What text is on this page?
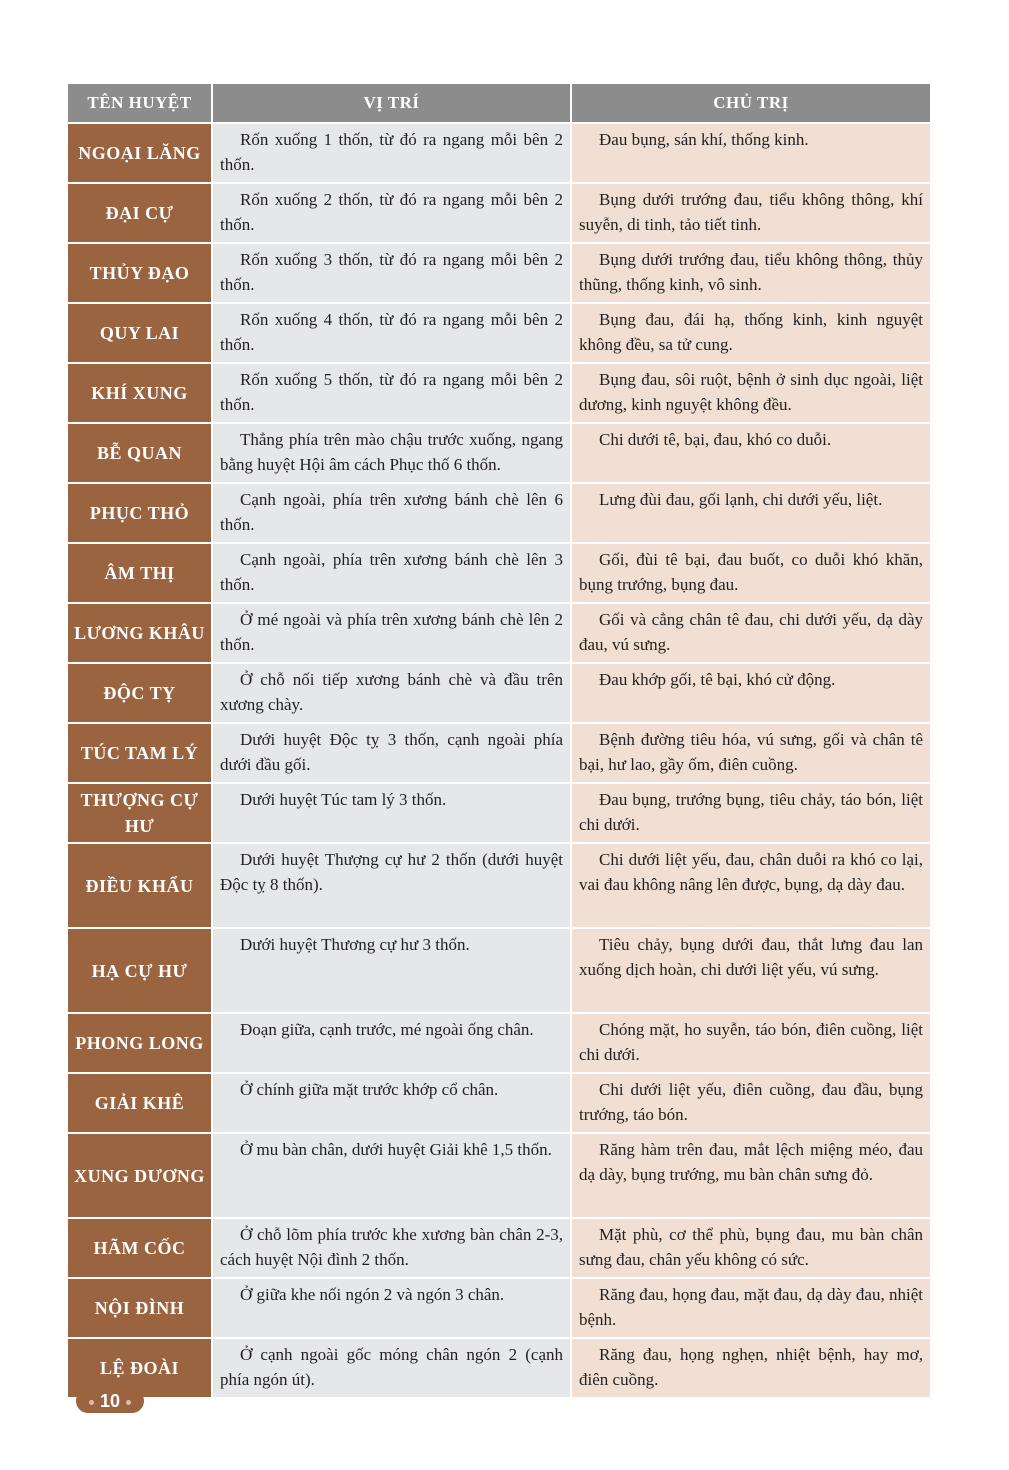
TÊN HUYỆT	VỊ TRÍ	CHỦ TRỊ
NGOẠI LĂNG	Rốn xuống 1 thốn, từ đó ra ngang mỗi bên 2 thốn.	Đau bụng, sán khí, thống kinh.

ĐẠI CỰ	Rốn xuống 2 thốn, từ đó ra ngang mỗi bên 2 thốn.	Bụng dưới trướng đau, tiểu không thông, khí suyễn, di tinh, tảo tiết tinh.

THỦY ĐẠO	Rốn xuống 3 thốn, từ đó ra ngang mỗi bên 2 thốn.	Bụng dưới trướng đau, tiểu không thông, thủy thũng, thống kinh, vô sinh.

QUY LAI	Rốn xuống 4 thốn, từ đó ra ngang mỗi bên 2 thốn.	Bụng đau, đái hạ, thống kinh, kinh nguyệt không đều, sa tử cung.

KHÍ XUNG	Rốn xuống 5 thốn, từ đó ra ngang mỗi bên 2 thốn.	Bụng đau, sôi ruột, bệnh ở sinh dục ngoài, liệt dương, kinh nguyệt không đều.

BỄ QUAN	Thẳng phía trên mào chậu trước xuống, ngang bằng huyệt Hội âm cách Phục thố 6 thốn.	Chi dưới tê, bại, đau, khó co duỗi.

PHỤC THỎ	Cạnh ngoài, phía trên xương bánh chè lên 6 thốn.	Lưng đùi đau, gối lạnh, chi dưới yếu, liệt.

ÂM THỊ	Cạnh ngoài, phía trên xương bánh chè lên 3 thốn.	Gối, đùi tê bại, đau buốt, co duỗi khó khăn, bụng trướng, bụng đau.

LƯƠNG KHÂU	Ở mé ngoài và phía trên xương bánh chè lên 2 thốn.	Gối và cẳng chân tê đau, chi dưới yếu, dạ dày đau, vú sưng.

ĐỘC TỴ	Ở chỗ nối tiếp xương bánh chè và đầu trên xương chày.	Đau khớp gối, tê bại, khó cử động.

TÚC TAM LÝ	Dưới huyệt Độc tỵ 3 thốn, cạnh ngoài phía dưới đầu gối.	Bệnh đường tiêu hóa, vú sưng, gối và chân tê bại, hư lao, gầy ốm, điên cuồng.

THƯỢNG CỰ HƯ	Dưới huyệt Túc tam lý 3 thốn.	Đau bụng, trướng bụng, tiêu chảy, táo bón, liệt chi dưới.

ĐIỀU KHẨU	Dưới huyệt Thượng cự hư 2 thốn (dưới huyệt Độc tỵ 8 thốn).	Chi dưới liệt yếu, đau, chân duỗi ra khó co lại, vai đau không nâng lên được, bụng, dạ dày đau.

HẠ CỰ HƯ	Dưới huyệt Thương cự hư 3 thốn.	Tiêu chảy, bụng dưới đau, thắt lưng đau lan xuống dịch hoàn, chi dưới liệt yếu, vú sưng.

PHONG LONG	Đoạn giữa, cạnh trước, mé ngoài ống chân.	Chóng mặt, ho suyễn, táo bón, điên cuồng, liệt chi dưới.

GIẢI KHÊ	Ở chính giữa mặt trước khớp cổ chân.	Chi dưới liệt yếu, điên cuồng, đau đầu, bụng trướng, táo bón.

XUNG DƯƠNG	Ở mu bàn chân, dưới huyệt Giải khê 1,5 thốn.	Răng hàm trên đau, mắt lệch miệng méo, đau dạ dày, bụng trướng, mu bàn chân sưng đỏ.

HÃM CỐC	Ở chỗ lõm phía trước khe xương bàn chân 2-3, cách huyệt Nội đình 2 thốn.	Mặt phù, cơ thể phù, bụng đau, mu bàn chân sưng đau, chân yếu không có sức.

NỘI ĐÌNH	Ở giữa khe nối ngón 2 và ngón 3 chân.	Răng đau, họng đau, mặt đau, dạ dày đau, nhiệt bệnh.

LỆ ĐOÀI	Ở cạnh ngoài gốc móng chân ngón 2 (cạnh phía ngón út).	Răng đau, họng nghẹn, nhiệt bệnh, hay mơ, điên cuồng.
10
